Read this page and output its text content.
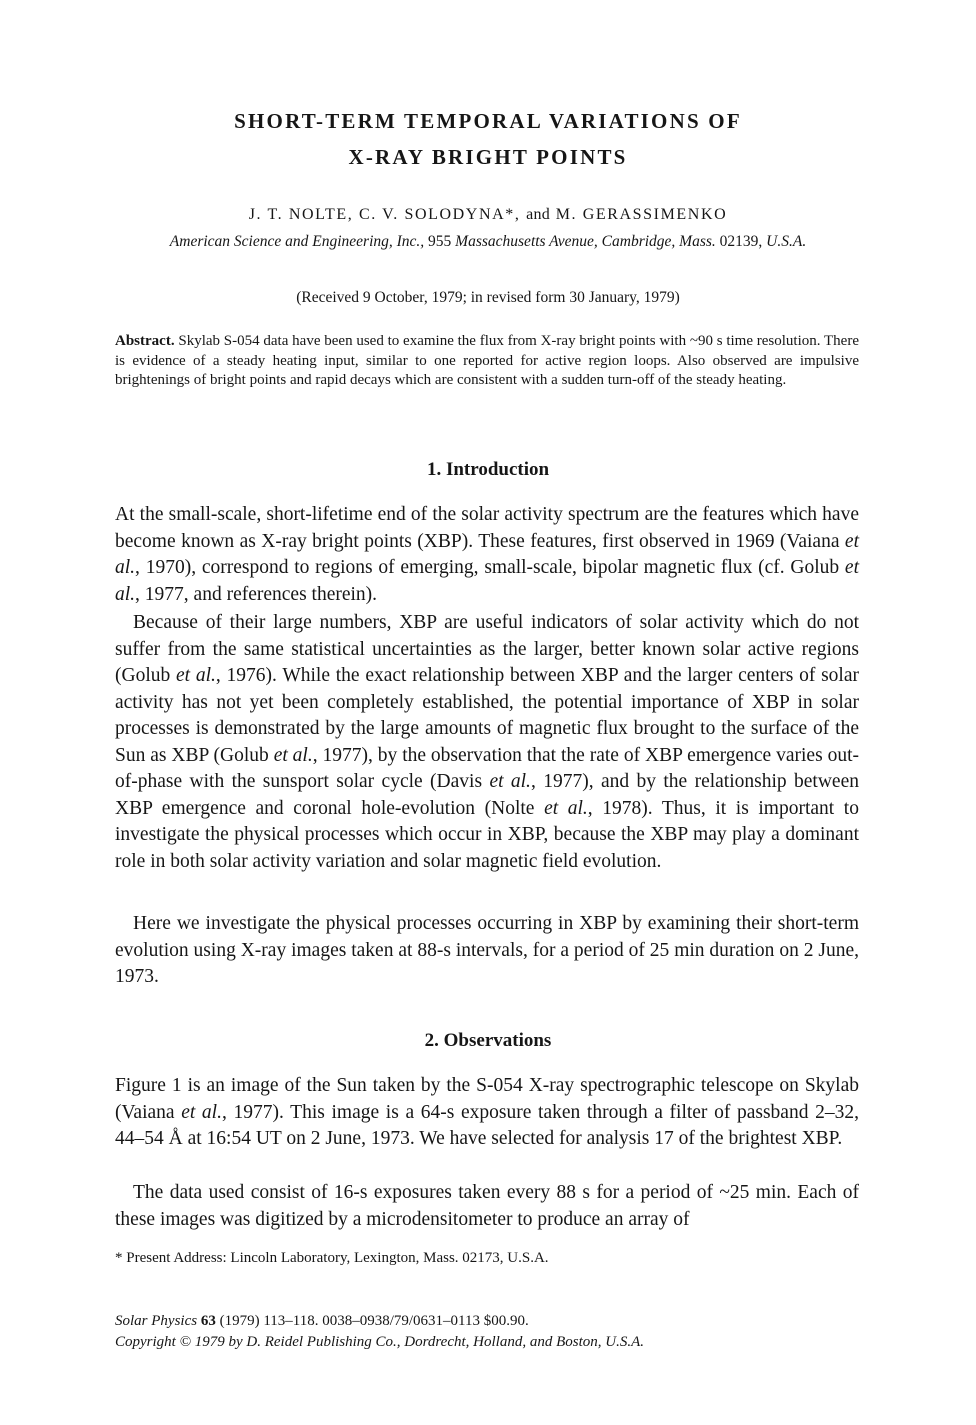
SHORT-TERM TEMPORAL VARIATIONS OF
X-RAY BRIGHT POINTS
J. T. NOLTE, C. V. SOLODYNA*, and M. GERASSIMENKO
American Science and Engineering, Inc., 955 Massachusetts Avenue, Cambridge, Mass. 02139, U.S.A.
(Received 9 October, 1979; in revised form 30 January, 1979)
Abstract. Skylab S-054 data have been used to examine the flux from X-ray bright points with ~90 s time resolution. There is evidence of a steady heating input, similar to one reported for active region loops. Also observed are impulsive brightenings of bright points and rapid decays which are consistent with a sudden turn-off of the steady heating.
1. Introduction

At the small-scale, short-lifetime end of the solar activity spectrum are the features which have become known as X-ray bright points (XBP). These features, first observed in 1969 (Vaiana et al., 1970), correspond to regions of emerging, small-scale, bipolar magnetic flux (cf. Golub et al., 1977, and references therein).

Because of their large numbers, XBP are useful indicators of solar activity which do not suffer from the same statistical uncertainties as the larger, better known solar active regions (Golub et al., 1976). While the exact relationship between XBP and the larger centers of solar activity has not yet been completely established, the potential importance of XBP in solar processes is demonstrated by the large amounts of magnetic flux brought to the surface of the Sun as XBP (Golub et al., 1977), by the observation that the rate of XBP emergence varies out-of-phase with the sunsport solar cycle (Davis et al., 1977), and by the relationship between XBP emergence and coronal hole-evolution (Nolte et al., 1978). Thus, it is important to investigate the physical processes which occur in XBP, because the XBP may play a dominant role in both solar activity variation and solar magnetic field evolution.

Here we investigate the physical processes occurring in XBP by examining their short-term evolution using X-ray images taken at 88-s intervals, for a period of 25 min duration on 2 June, 1973.

2. Observations

Figure 1 is an image of the Sun taken by the S-054 X-ray spectrographic telescope on Skylab (Vaiana et al., 1977). This image is a 64-s exposure taken through a filter of passband 2–32, 44–54 Å at 16:54 UT on 2 June, 1973. We have selected for analysis 17 of the brightest XBP.

The data used consist of 16-s exposures taken every 88 s for a period of ~25 min. Each of these images was digitized by a microdensitometer to produce an array of

* Present Address: Lincoln Laboratory, Lexington, Mass. 02173, U.S.A.
Solar Physics 63 (1979) 113–118. 0038–0938/79/0631–0113 $00.90.
Copyright © 1979 by D. Reidel Publishing Co., Dordrecht, Holland, and Boston, U.S.A.
